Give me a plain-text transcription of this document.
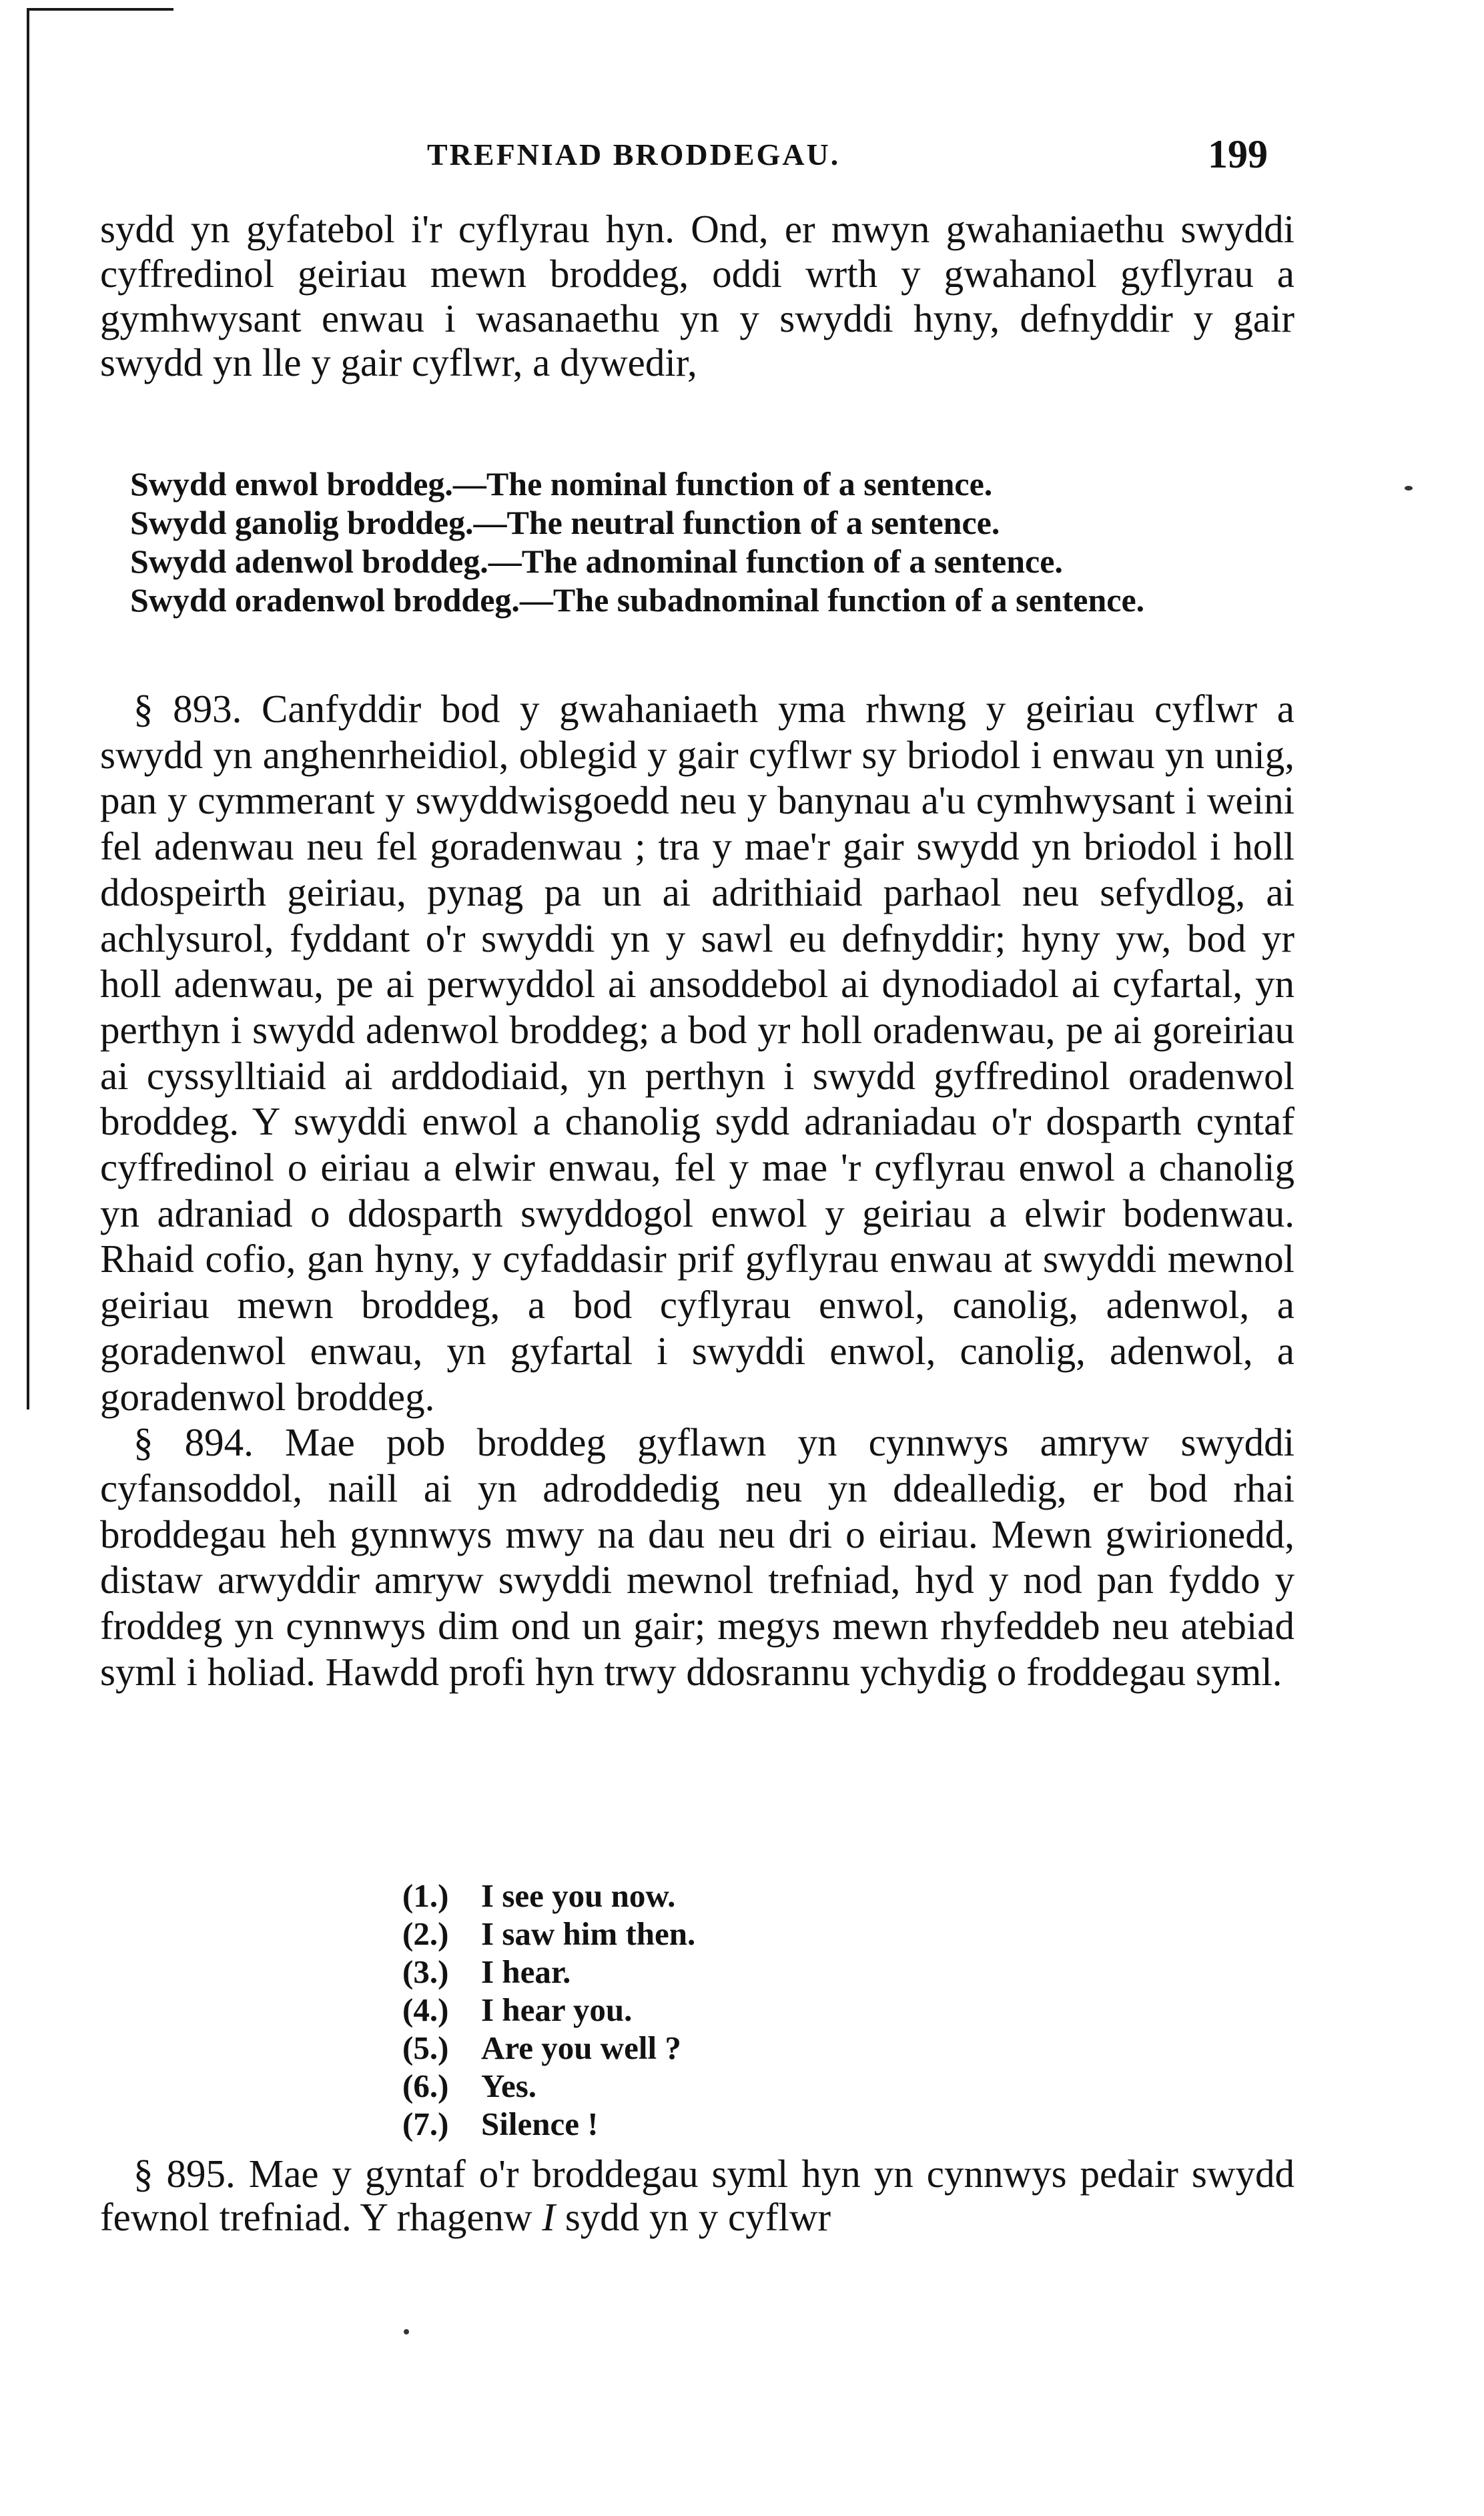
TREFNIAD BRODDEGAU.	199

sydd yn gyfatebol i'r cyflyrau hyn. Ond, er mwyn gwahaniaethu swyddi cyffredinol geiriau mewn broddeg, oddi wrth y gwahanol gyflyrau a gymhwysant enwau i wasanaethu yn y swyddi hyny, defnyddir y gair swydd yn lle y gair cyflwr, a dywedir,

Swydd enwol broddeg.—The nominal function of a sentence.

Swydd ganolig broddeg.—The neutral function of a sentence.

Swydd adenwol broddeg.—The adnominal function of a sentence.

Swydd oradenwol broddeg.—The subadnominal function of a sentence.

§ 893. Canfyddir bod y gwahaniaeth yma rhwng y geiriau cyflwr a swydd yn anghenrheidiol, oblegid y gair cyflwr sy briodol i enwau yn unig, pan y cymmerant y swyddwisgoedd neu y banynau a'u cymhwysant i weini fel adenwau neu fel goradenwau ; tra y mae'r gair swydd yn briodol i holl ddospeirth geiriau, pynag pa un ai adrithiaid parhaol neu sefydlog, ai achlysurol, fyddant o'r swyddi yn y sawl eu defnyddir; hyny yw, bod yr holl adenwau, pe ai perwyddol ai ansoddebol ai dynodiadol ai cyfartal, yn perthyn i swydd adenwol broddeg; a bod yr holl oradenwau, pe ai goreiriau ai cyssylltiaid ai arddodiaid, yn perthyn i swydd gyffredinol oradenwol broddeg. Y swyddi enwol a chanolig sydd adraniadau o'r dosparth cyntaf cyffredinol o eiriau a elwir enwau, fel y mae 'r cyflyrau enwol a chanolig yn adraniad o ddosparth swyddogol enwol y geiriau a elwir bodenwau. Rhaid cofio, gan hyny, y cyfaddasir prif gyflyrau enwau at swyddi mewnol geiriau mewn broddeg, a bod cyflyrau enwol, canolig, adenwol, a goradenwol enwau, yn gyfartal i swyddi enwol, canolig, adenwol, a goradenwol broddeg.

§ 894. Mae pob broddeg gyflawn yn cynnwys amryw swyddi cyfansoddol, naill ai yn adroddedig neu yn ddealledig, er bod rhai broddegau heh gynnwys mwy na dau neu dri o eiriau. Mewn gwirionedd, distaw arwyddir amryw swyddi mewnol trefniad, hyd y nod pan fyddo y froddeg yn cynnwys dim ond un gair; megys mewn rhyfeddeb neu atebiad syml i holiad. Hawdd profi hyn trwy ddosrannu ychydig o froddegau syml.

(1.) I see you now.
(2.) I saw him then.
(3.) I hear.
(4.) I hear you.
(5.) Are you well ?
(6.) Yes.
(7.) Silence !

§ 895. Mae y gyntaf o'r broddegau syml hyn yn cynnwys pedair swydd fewnol trefniad. Y rhagenw I sydd yn y cyflwr
